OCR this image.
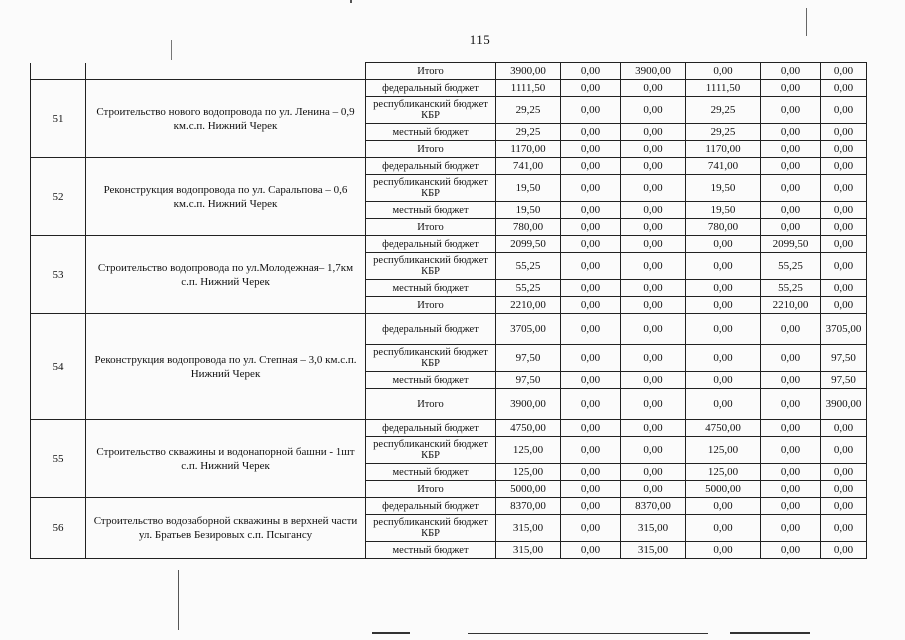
115
		Итого	3900,00	0,00	3900,00	0,00	0,00	0,00
51	Строительство нового водопровода по ул. Ленина – 0,9 км.с.п. Нижний Черек	федеральный бюджет	1111,50	0,00	0,00	1111,50	0,00	0,00
		республиканский бюджет КБР	29,25	0,00	0,00	29,25	0,00	0,00
		местный бюджет	29,25	0,00	0,00	29,25	0,00	0,00
		Итого	1170,00	0,00	0,00	1170,00	0,00	0,00
52	Реконструкция водопровода по ул. Саральпова – 0,6 км.с.п. Нижний Черек	федеральный бюджет	741,00	0,00	0,00	741,00	0,00	0,00
		республиканский бюджет КБР	19,50	0,00	0,00	19,50	0,00	0,00
		местный бюджет	19,50	0,00	0,00	19,50	0,00	0,00
		Итого	780,00	0,00	0,00	780,00	0,00	0,00
53	Строительство водопровода по ул.Молодежная– 1,7км с.п. Нижний Черек	федеральный бюджет	2099,50	0,00	0,00	0,00	2099,50	0,00
		республиканский бюджет КБР	55,25	0,00	0,00	0,00	55,25	0,00
		местный бюджет	55,25	0,00	0,00	0,00	55,25	0,00
		Итого	2210,00	0,00	0,00	0,00	2210,00	0,00
54	Реконструкция водопровода по ул. Степная – 3,0 км.с.п. Нижний Черек	федеральный бюджет	3705,00	0,00	0,00	0,00	0,00	3705,00
		республиканский бюджет КБР	97,50	0,00	0,00	0,00	0,00	97,50
		местный бюджет	97,50	0,00	0,00	0,00	0,00	97,50
		Итого	3900,00	0,00	0,00	0,00	0,00	3900,00
55	Строительство скважины и водонапорной башни - 1шт с.п. Нижний Черек	федеральный бюджет	4750,00	0,00	0,00	4750,00	0,00	0,00
		республиканский бюджет КБР	125,00	0,00	0,00	125,00	0,00	0,00
		местный бюджет	125,00	0,00	0,00	125,00	0,00	0,00
		Итого	5000,00	0,00	0,00	5000,00	0,00	0,00
56	Строительство водозаборной скважины в верхней части ул. Братьев Безировых с.п. Псыгансу	федеральный бюджет	8370,00	0,00	8370,00	0,00	0,00	0,00
		республиканский бюджет КБР	315,00	0,00	315,00	0,00	0,00	0,00
		местный бюджет	315,00	0,00	315,00	0,00	0,00	0,00
